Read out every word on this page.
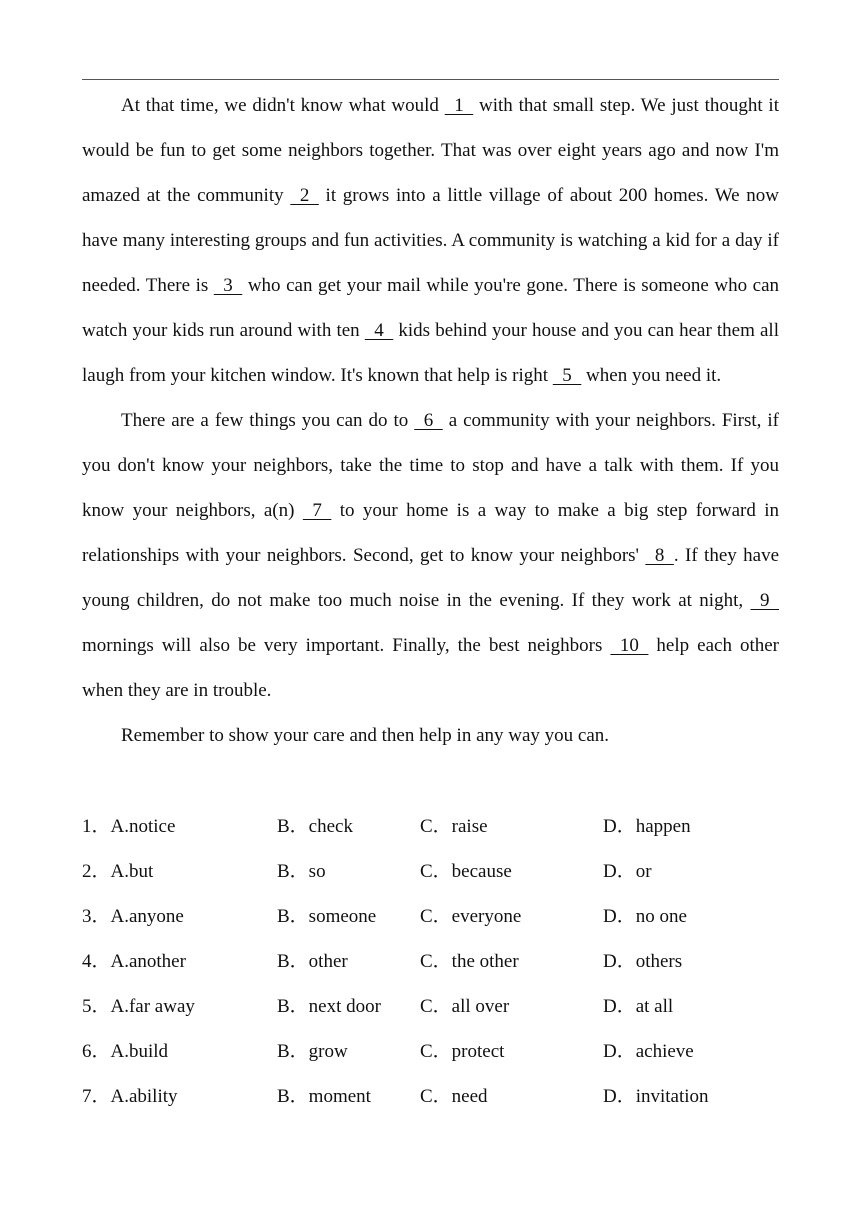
At that time, we didn't know what would   1   with that small step. We just thought it would be fun to get some neighbors together. That was over eight years ago and now I'm amazed at the community   2   it grows into a little village of about 200 homes. We now have many interesting groups and fun activities. A community is watching a kid for a day if needed. There is   3   who can get your mail while you're gone. There is someone who can watch your kids run around with ten   4   kids behind your house and you can hear them all laugh from your kitchen window. It's known that help is right   5   when you need it.

There are a few things you can do to   6   a community with your neighbors. First, if you don't know your neighbors, take the time to stop and have a talk with them. If you know your neighbors, a(n)   7   to your home is a way to make a big step forward in relationships with your neighbors. Second, get to know your neighbors'   8  . If they have young children, do not make too much noise in the evening. If they work at night,   9   mornings will also be very important. Finally, the best neighbors   10   help each other when they are in trouble.

Remember to show your care and then help in any way you can.

1．A.notice	B．check	C．raise	D．happen
2．A.but	B．so	C．because	D．or
3．A.anyone	B．someone C．everyone	D．no one
4．A.another	B．other	C．the other	D．others
5．A.far away	B．next door C．all over	D．at all
6．A.build	B．grow	C．protect	D．achieve
7．A.ability	B．moment	C．need	D．invitation
